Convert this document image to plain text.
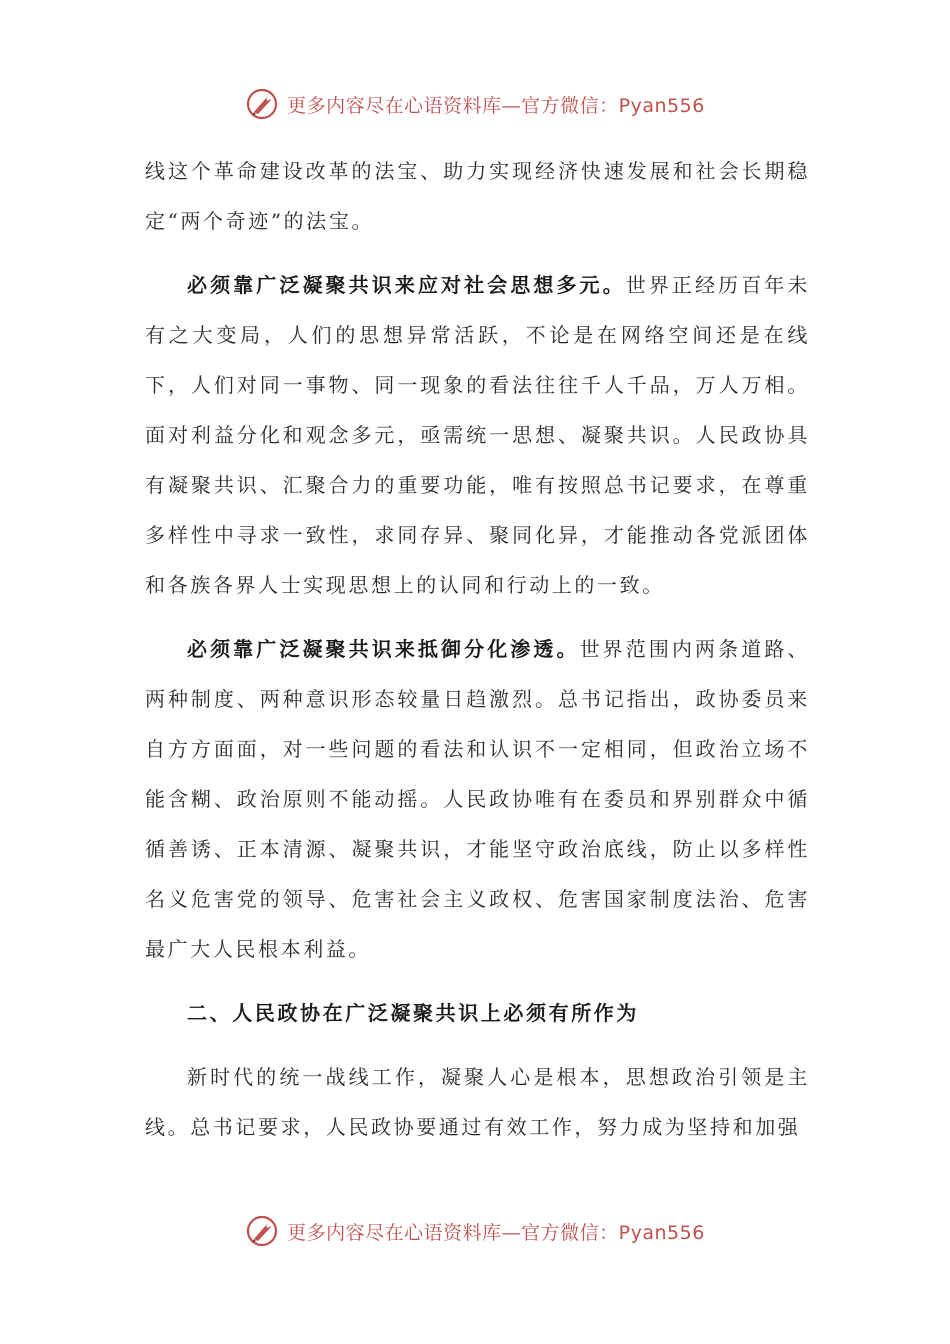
更多内容尽在心语资料库—官方微信：Pyan556

线这个革命建设改革的法宝、助力实现经济快速发展和社会长期稳定“两个奇迹”的法宝。

必须靠广泛凝聚共识来应对社会思想多元。世界正经历百年未有之大变局，人们的思想异常活跃，不论是在网络空间还是在线下，人们对同一事物、同一现象的看法往往千人千品，万人万相。面对利益分化和观念多元，亟需统一思想、凝聚共识。人民政协具有凝聚共识、汇聚合力的重要功能，唯有按照总书记要求，在尊重多样性中寻求一致性，求同存异、聚同化异，才能推动各党派团体和各族各界人士实现思想上的认同和行动上的一致。

必须靠广泛凝聚共识来抵御分化渗透。世界范围内两条道路、两种制度、两种意识形态较量日趋激烈。总书记指出，政协委员来自方方面面，对一些问题的看法和认识不一定相同，但政治立场不能含糊、政治原则不能动摇。人民政协唯有在委员和界别群众中循循善诱、正本清源、凝聚共识，才能坚守政治底线，防止以多样性名义危害党的领导、危害社会主义政权、危害国家制度法治、危害最广大人民根本利益。

二、人民政协在广泛凝聚共识上必须有所作为

新时代的统一战线工作，凝聚人心是根本，思想政治引领是主线。总书记要求，人民政协要通过有效工作，努力成为坚持和加强

更多内容尽在心语资料库—官方微信：Pyan556
